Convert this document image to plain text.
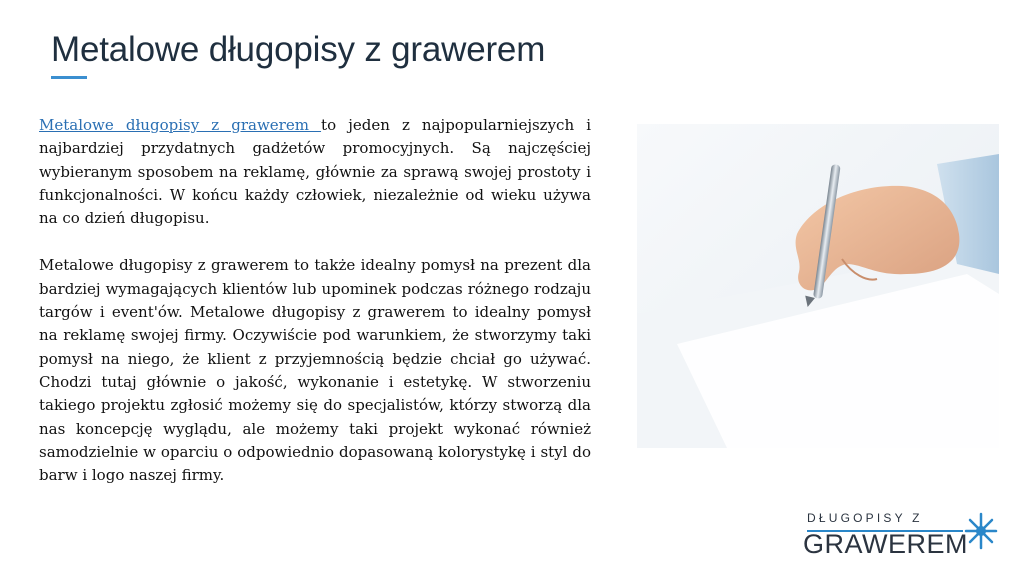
Metalowe długopisy z grawerem

Metalowe długopisy z grawerem to jeden z najpopularniejszych i najbardziej przydatnych gadżetów promocyjnych. Są najczęściej wybieranym sposobem na reklamę, głównie za sprawą swojej prostoty i funkcjonalności. W końcu każdy człowiek, niezależnie od wieku używa na co dzień długopisu.

Metalowe długopisy z grawerem to także idealny pomysł na prezent dla bardziej wymagających klientów lub upominek podczas różnego rodzaju targów i event'ów. Metalowe długopisy z grawerem to idealny pomysł na reklamę swojej firmy. Oczywiście pod warunkiem, że stworzymy taki pomysł na niego, że klient z przyjemnością będzie chciał go używać. Chodzi tutaj głównie o jakość, wykonanie i estetykę. W stworzeniu takiego projektu zgłosić możemy się do specjalistów, którzy stworzą dla nas koncepcję wyglądu, ale możemy taki projekt wykonać również samodzielnie w oparciu o odpowiednio dopasowaną kolorystykę i styl do barw i logo naszej firmy.

DŁUGOPISY Z
GRAWEREM
